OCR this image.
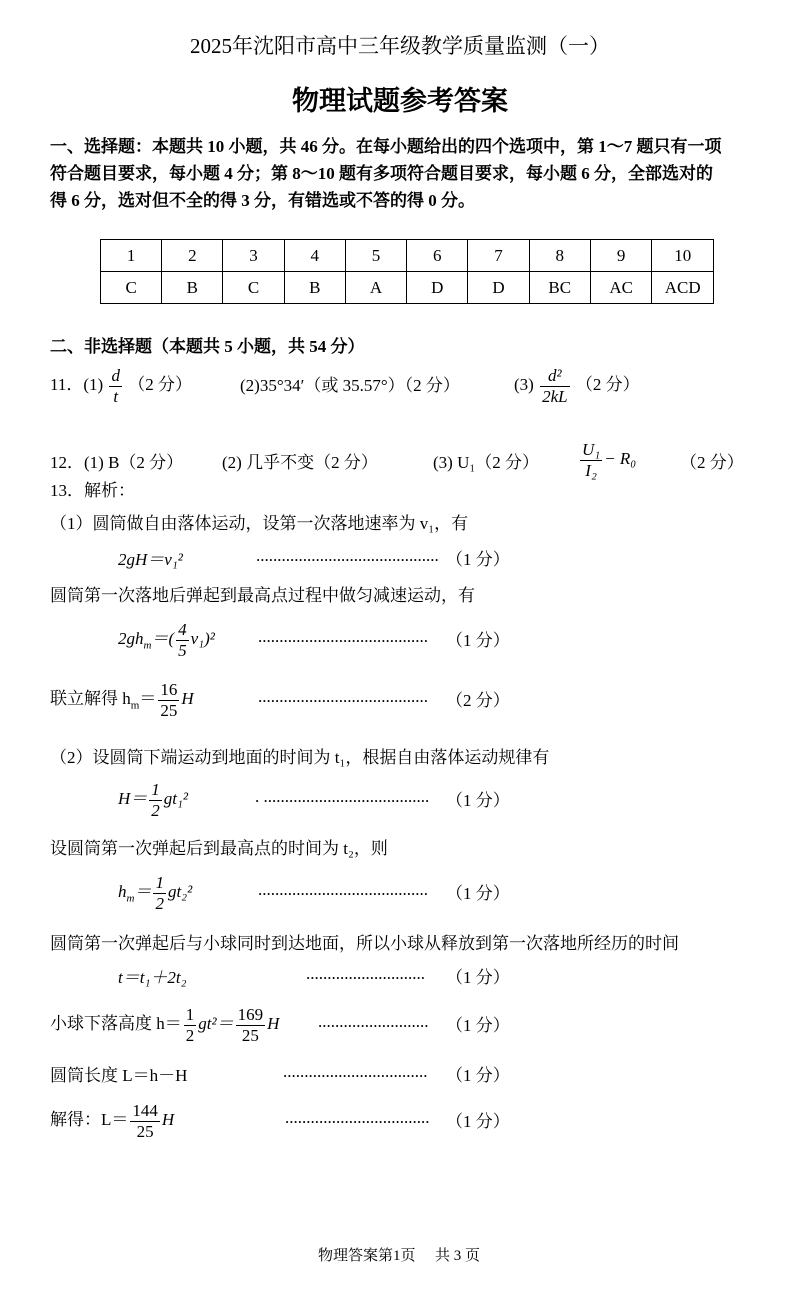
2025年沈阳市高中三年级教学质量监测（一）
物理试题参考答案
一、选择题：本题共 10 小题，共 46 分。在每小题给出的四个选项中，第 1～7 题只有一项
符合题目要求，每小题 4 分；第 8～10 题有多项符合题目要求，每小题 6 分，全部选对的
得 6 分，选对但不全的得 3 分，有错选或不答的得 0 分。
1	2	3	4	5	6	7	8	9	10
C	B	C	B	A	D	D	BC	AC	ACD
二、非选择题（本题共 5 小题，共 54 分）
11．$(1) \frac{d}{t} (2$ 分）	(2)35°34′（或 35.57°）（2 分）	$(3) \frac{\text{d²}}{2kL} (2$ 分）
12．(1) B（2 分） (2) 几乎不变（2 分）	(3) U₁（2 分） $\frac{\text{U₁}}{\text{I₂}} - R_0$	（2 分）
13．解析：
（1）圆筒做自由落体运动，设第一次落地速率为 v₁，有
2gH＝v₁²	........................................... （1 分）
圆筒第一次落地后弹起到最高点过程中做匀减速运动，有
$2gh_m=( \frac{4}{5} v_1)^2$	........................................ （1 分）
联立解得 $h_m= \frac{16}{25}$ H	........................................ （2 分）
（2）设圆筒下端运动到地面的时间为 t₁，根据自由落体运动规律有
$H= \frac{1}{2} gt_1^2$	. ....................................... （1 分）
设圆筒第一次弹起后到最高点的时间为 t₂，则
$h_m= \frac{1}{2} gt_2^2$	........................................ （1 分）
圆筒第一次弹起后与小球同时到达地面，所以小球从释放到第一次落地所经历的时间
t＝t₁＋2t₂	............................ （1 分）
小球下落高度 $h= \frac{1}{2} gt^2= \frac{169}{25}$ H .......................... （1 分）
圆筒长度 L＝h－H	.................................. （1 分）
解得：$L= \frac{144}{25}$ H	.................................. （1 分）
物理答案第1页 共 3 页
